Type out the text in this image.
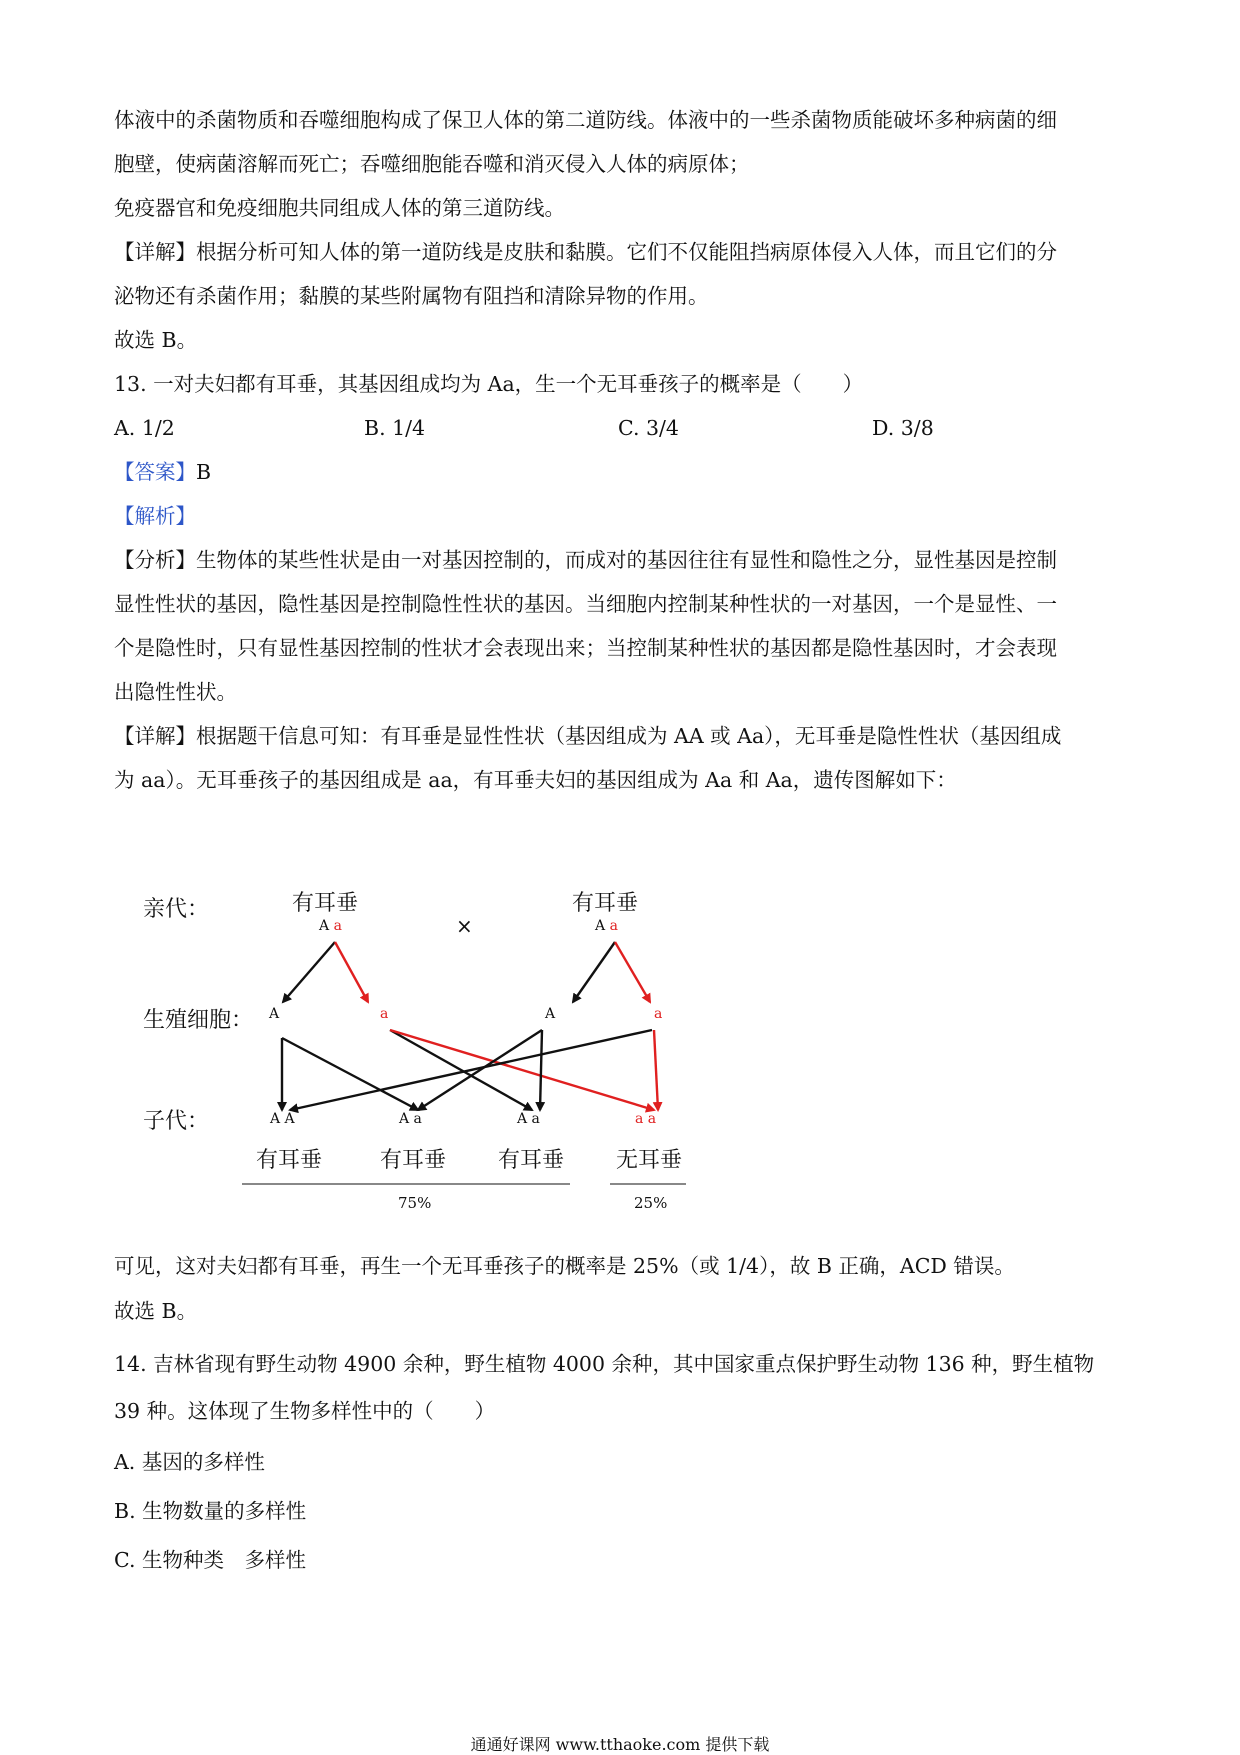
体液中的杀菌物质和吞噬细胞构成了保卫人体的第二道防线。体液中的一些杀菌物质能破坏多种病菌的细
胞壁，使病菌溶解而死亡；吞噬细胞能吞噬和消灭侵入人体的病原体；
免疫器官和免疫细胞共同组成人体的第三道防线。
【详解】根据分析可知人体的第一道防线是皮肤和黏膜。它们不仅能阻挡病原体侵入人体，而且它们的分
泌物还有杀菌作用；黏膜的某些附属物有阻挡和清除异物的作用。
故选 B。
13. 一对夫妇都有耳垂，其基因组成均为 Aa，生一个无耳垂孩子的概率是（　　）
A. 1/2	B. 1/4	C. 3/4	D. 3/8
【答案】B
【解析】
【分析】生物体的某些性状是由一对基因控制的，而成对的基因往往有显性和隐性之分，显性基因是控制
显性性状的基因，隐性基因是控制隐性性状的基因。当细胞内控制某种性状的一对基因，一个是显性、一
个是隐性时，只有显性基因控制的性状才会表现出来；当控制某种性状的基因都是隐性基因时，才会表现
出隐性性状。
【详解】根据题干信息可知：有耳垂是显性性状（基因组成为 AA 或 Aa），无耳垂是隐性性状（基因组成
为 aa）。无耳垂孩子的基因组成是 aa，有耳垂夫妇的基因组成为 Aa 和 Aa，遗传图解如下：
亲代：
生殖细胞：
子代：
有耳垂	有耳垂
A a	A a
×
A	a	A	a
A A	A a	A a	a a
有耳垂	有耳垂 有耳垂 无耳垂
75%	25%
可见，这对夫妇都有耳垂，再生一个无耳垂孩子的概率是 25%（或 1/4），故 B 正确，ACD 错误。
故选 B。
14. 吉林省现有野生动物 4900 余种，野生植物 4000 余种，其中国家重点保护野生动物 136 种，野生植物
39 种。这体现了生物多样性中的（　　）
A. 基因的多样性
B. 生物数量的多样性
C. 生物种类　多样性
通通好课网 www.tthaoke.com 提供下载
